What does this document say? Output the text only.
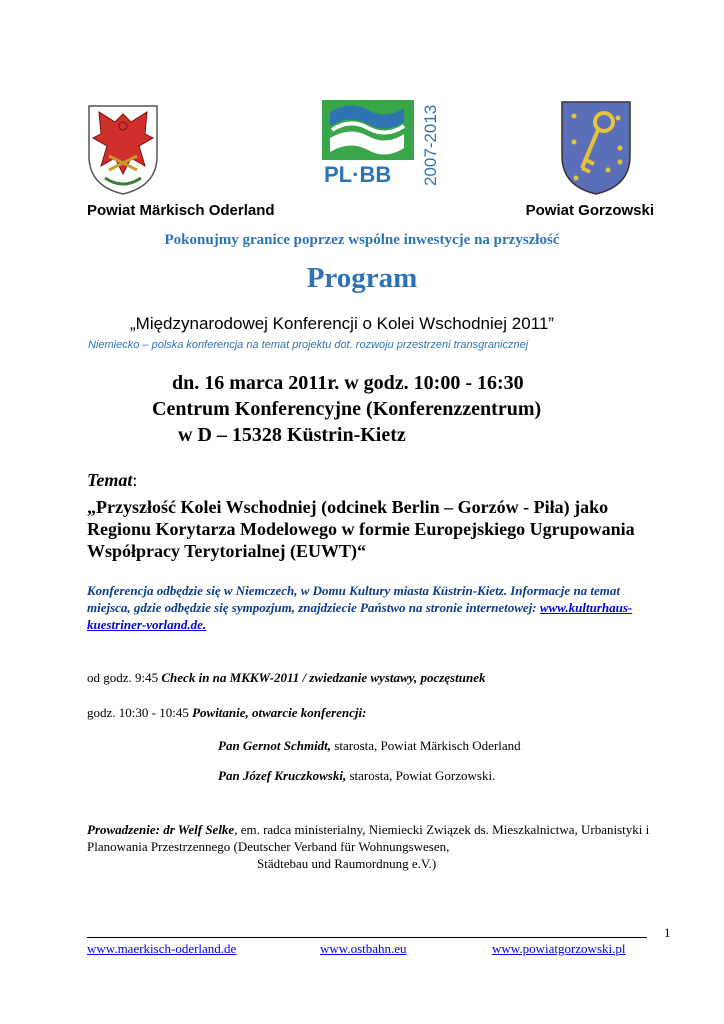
PL·BB 2007-2013
Powiat Märkisch Oderland	Powiat Gorzowski
Pokonujmy granice poprzez wspólne inwestycje na przyszłość
Program
„Międzynarodowej Konferencji o Kolei Wschodniej 2011”
Niemiecko – polska konferencja na temat projektu dot. rozwoju przestrzeni transgranicznej
dn. 16 marca 2011r. w godz. 10:00 - 16:30
Centrum Konferencyjne (Konferenzzentrum)
w D – 15328 Küstrin-Kietz
Temat:
„Przyszłość Kolei Wschodniej (odcinek Berlin – Gorzów - Piła) jako Regionu Korytarza Modelowego w formie Europejskiego Ugrupowania Współpracy Terytorialnej (EUWT)“
Konferencja odbędzie się w Niemczech, w Domu Kultury miasta Küstrin-Kietz. Informacje na temat miejsca, gdzie odbędzie się sympozjum, znajdziecie Państwo na stronie internetowej: www.kulturhaus-kuestriner-vorland.de.
od godz. 9:45 Check in na MKKW-2011 / zwiedzanie wystawy, poczęstunek
godz. 10:30 - 10:45 Powitanie, otwarcie konferencji:
Pan Gernot Schmidt, starosta, Powiat Märkisch Oderland
Pan Józef Kruczkowski, starosta, Powiat Gorzowski.
Prowadzenie: dr Welf Selke, em. radca ministerialny, Niemiecki Związek ds. Mieszkalnictwa, Urbanistyki i Planowania Przestrzennego (Deutscher Verband für Wohnungswesen,
Städtebau und Raumordnung e.V.)
1
www.maerkisch-oderland.de	www.ostbahn.eu	www.powiatgorzowski.pl
